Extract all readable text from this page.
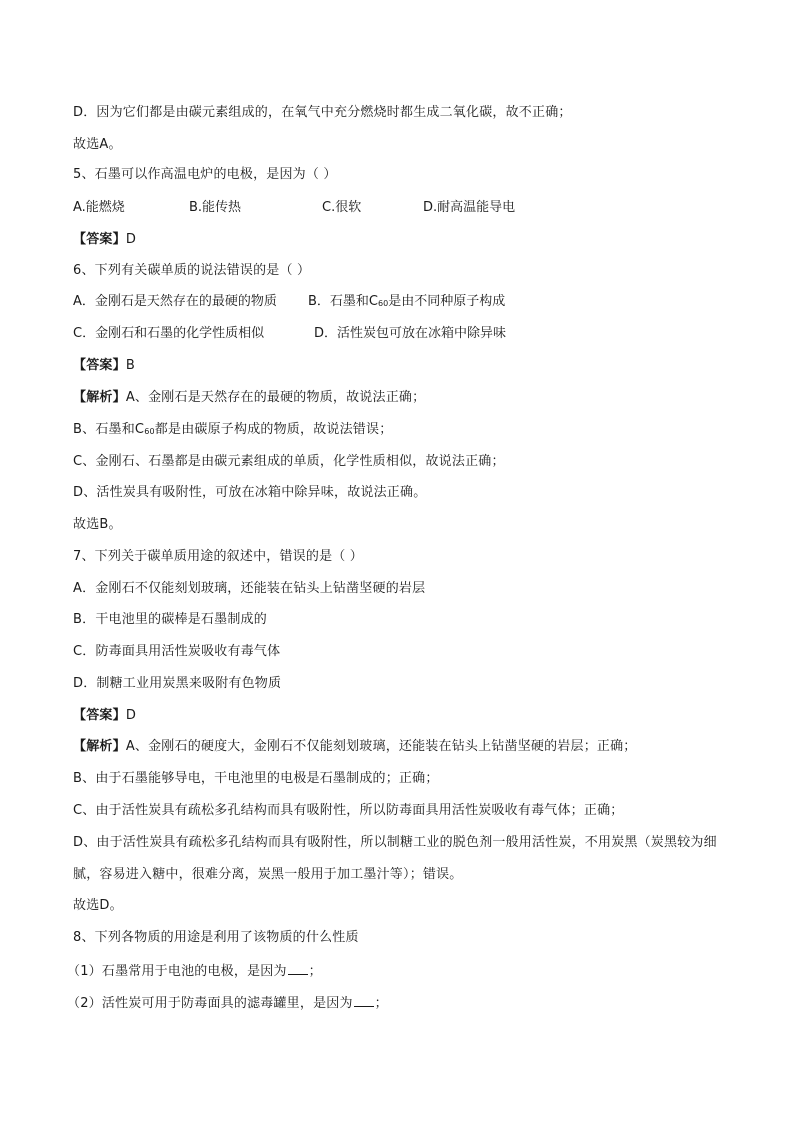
D．因为它们都是由碳元素组成的，在氧气中充分燃烧时都生成二氧化碳，故不正确；
故选A。
5、石墨可以作高温电炉的电极，是因为（ ）
A.能燃烧	B.能传热	C.很软	D.耐高温能导电
【答案】D
6、下列有关碳单质的说法错误的是（ ）
A．金刚石是天然存在的最硬的物质 B．石墨和$C_{60}$是由不同种原子构成
C．金刚石和石墨的化学性质相似	D．活性炭包可放在冰箱中除异味
【答案】B
【解析】A、金刚石是天然存在的最硬的物质，故说法正确；
B、石墨和$C_{60}$都是由碳原子构成的物质，故说法错误；
C、金刚石、石墨都是由碳元素组成的单质，化学性质相似，故说法正确；
D、活性炭具有吸附性，可放在冰箱中除异味，故说法正确。
故选B。
7、下列关于碳单质用途的叙述中，错误的是（ ）
A．金刚石不仅能刻划玻璃，还能装在钻头上钻凿坚硬的岩层
B．干电池里的碳棒是石墨制成的
C．防毒面具用活性炭吸收有毒气体
D．制糖工业用炭黑来吸附有色物质
【答案】D
【解析】A、金刚石的硬度大，金刚石不仅能刻划玻璃，还能装在钻头上钻凿坚硬的岩层；正确；
B、由于石墨能够导电，干电池里的电极是石墨制成的；正确；
C、由于活性炭具有疏松多孔结构而具有吸附性，所以防毒面具用活性炭吸收有毒气体；正确；
D、由于活性炭具有疏松多孔结构而具有吸附性，所以制糖工业的脱色剂一般用活性炭，不用炭黑（炭黑较为细腻，容易进入糖中，很难分离，炭黑一般用于加工墨汁等）；错误。
故选D。
8、下列各物质的用途是利用了该物质的什么性质
（1）石墨常用于电池的电极，是因为 ；
（2）活性炭可用于防毒面具的滤毒罐里，是因为 ；
